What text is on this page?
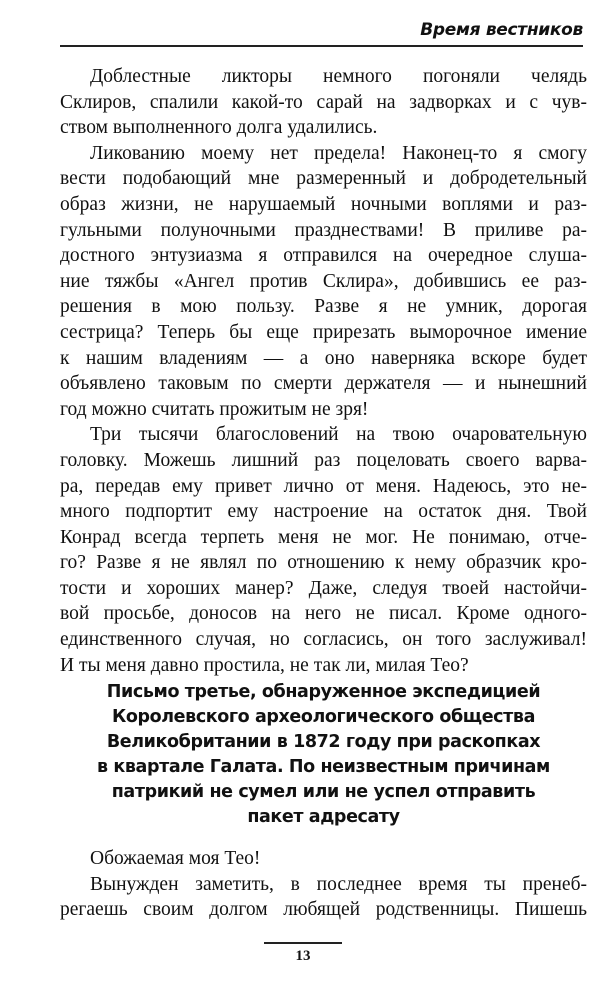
Время вестников
Доблестные ликторы немного погоняли челядь
Склиров, спалили какой-то сарай на задворках и с чув-
ством выполненного долга удалились.
Ликованию моему нет предела! Наконец-то я смогу
вести подобающий мне размеренный и добродетельный
образ жизни, не нарушаемый ночными воплями и раз-
гульными полуночными празднествами! В приливе ра-
достного энтузиазма я отправился на очередное слуша-
ние тяжбы «Ангел против Склира», добившись ее раз-
решения в мою пользу. Разве я не умник, дорогая
сестрица? Теперь бы еще прирезать выморочное имение
к нашим владениям — а оно наверняка вскоре будет
объявлено таковым по смерти держателя — и нынешний
год можно считать прожитым не зря!
Три тысячи благословений на твою очаровательную
головку. Можешь лишний раз поцеловать своего варва-
ра, передав ему привет лично от меня. Надеюсь, это не-
много подпортит ему настроение на остаток дня. Твой
Конрад всегда терпеть меня не мог. Не понимаю, отче-
го? Разве я не являл по отношению к нему образчик кро-
тости и хороших манер? Даже, следуя твоей настойчи-
вой просьбе, доносов на него не писал. Кроме одного-
единственного случая, но согласись, он того заслуживал!
И ты меня давно простила, не так ли, милая Тео?
Письмо третье, обнаруженное экспедицией
Королевского археологического общества
Великобритании в 1872 году при раскопках
в квартале Галата. По неизвестным причинам
патрикий не сумел или не успел отправить
пакет адресату
Обожаемая моя Тео!
Вынужден заметить, в последнее время ты пренеб-
регаешь своим долгом любящей родственницы. Пишешь
13
